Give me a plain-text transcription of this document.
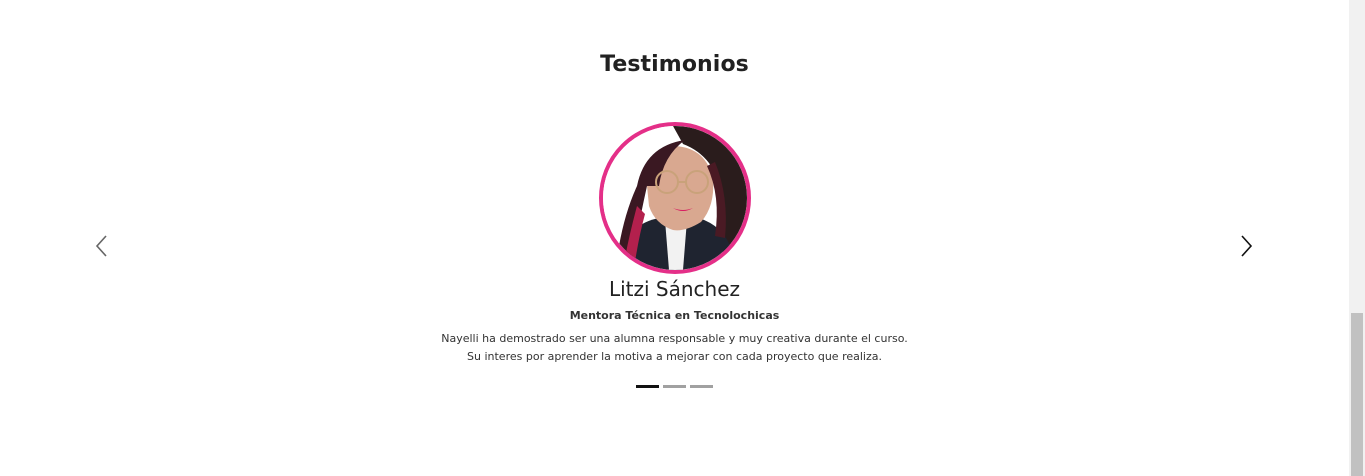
Testimonios
Litzi Sánchez
Mentora Técnica en Tecnolochicas

Nayelli ha demostrado ser una alumna responsable y muy creativa durante el curso.
Su interes por aprender la motiva a mejorar con cada proyecto que realiza.
